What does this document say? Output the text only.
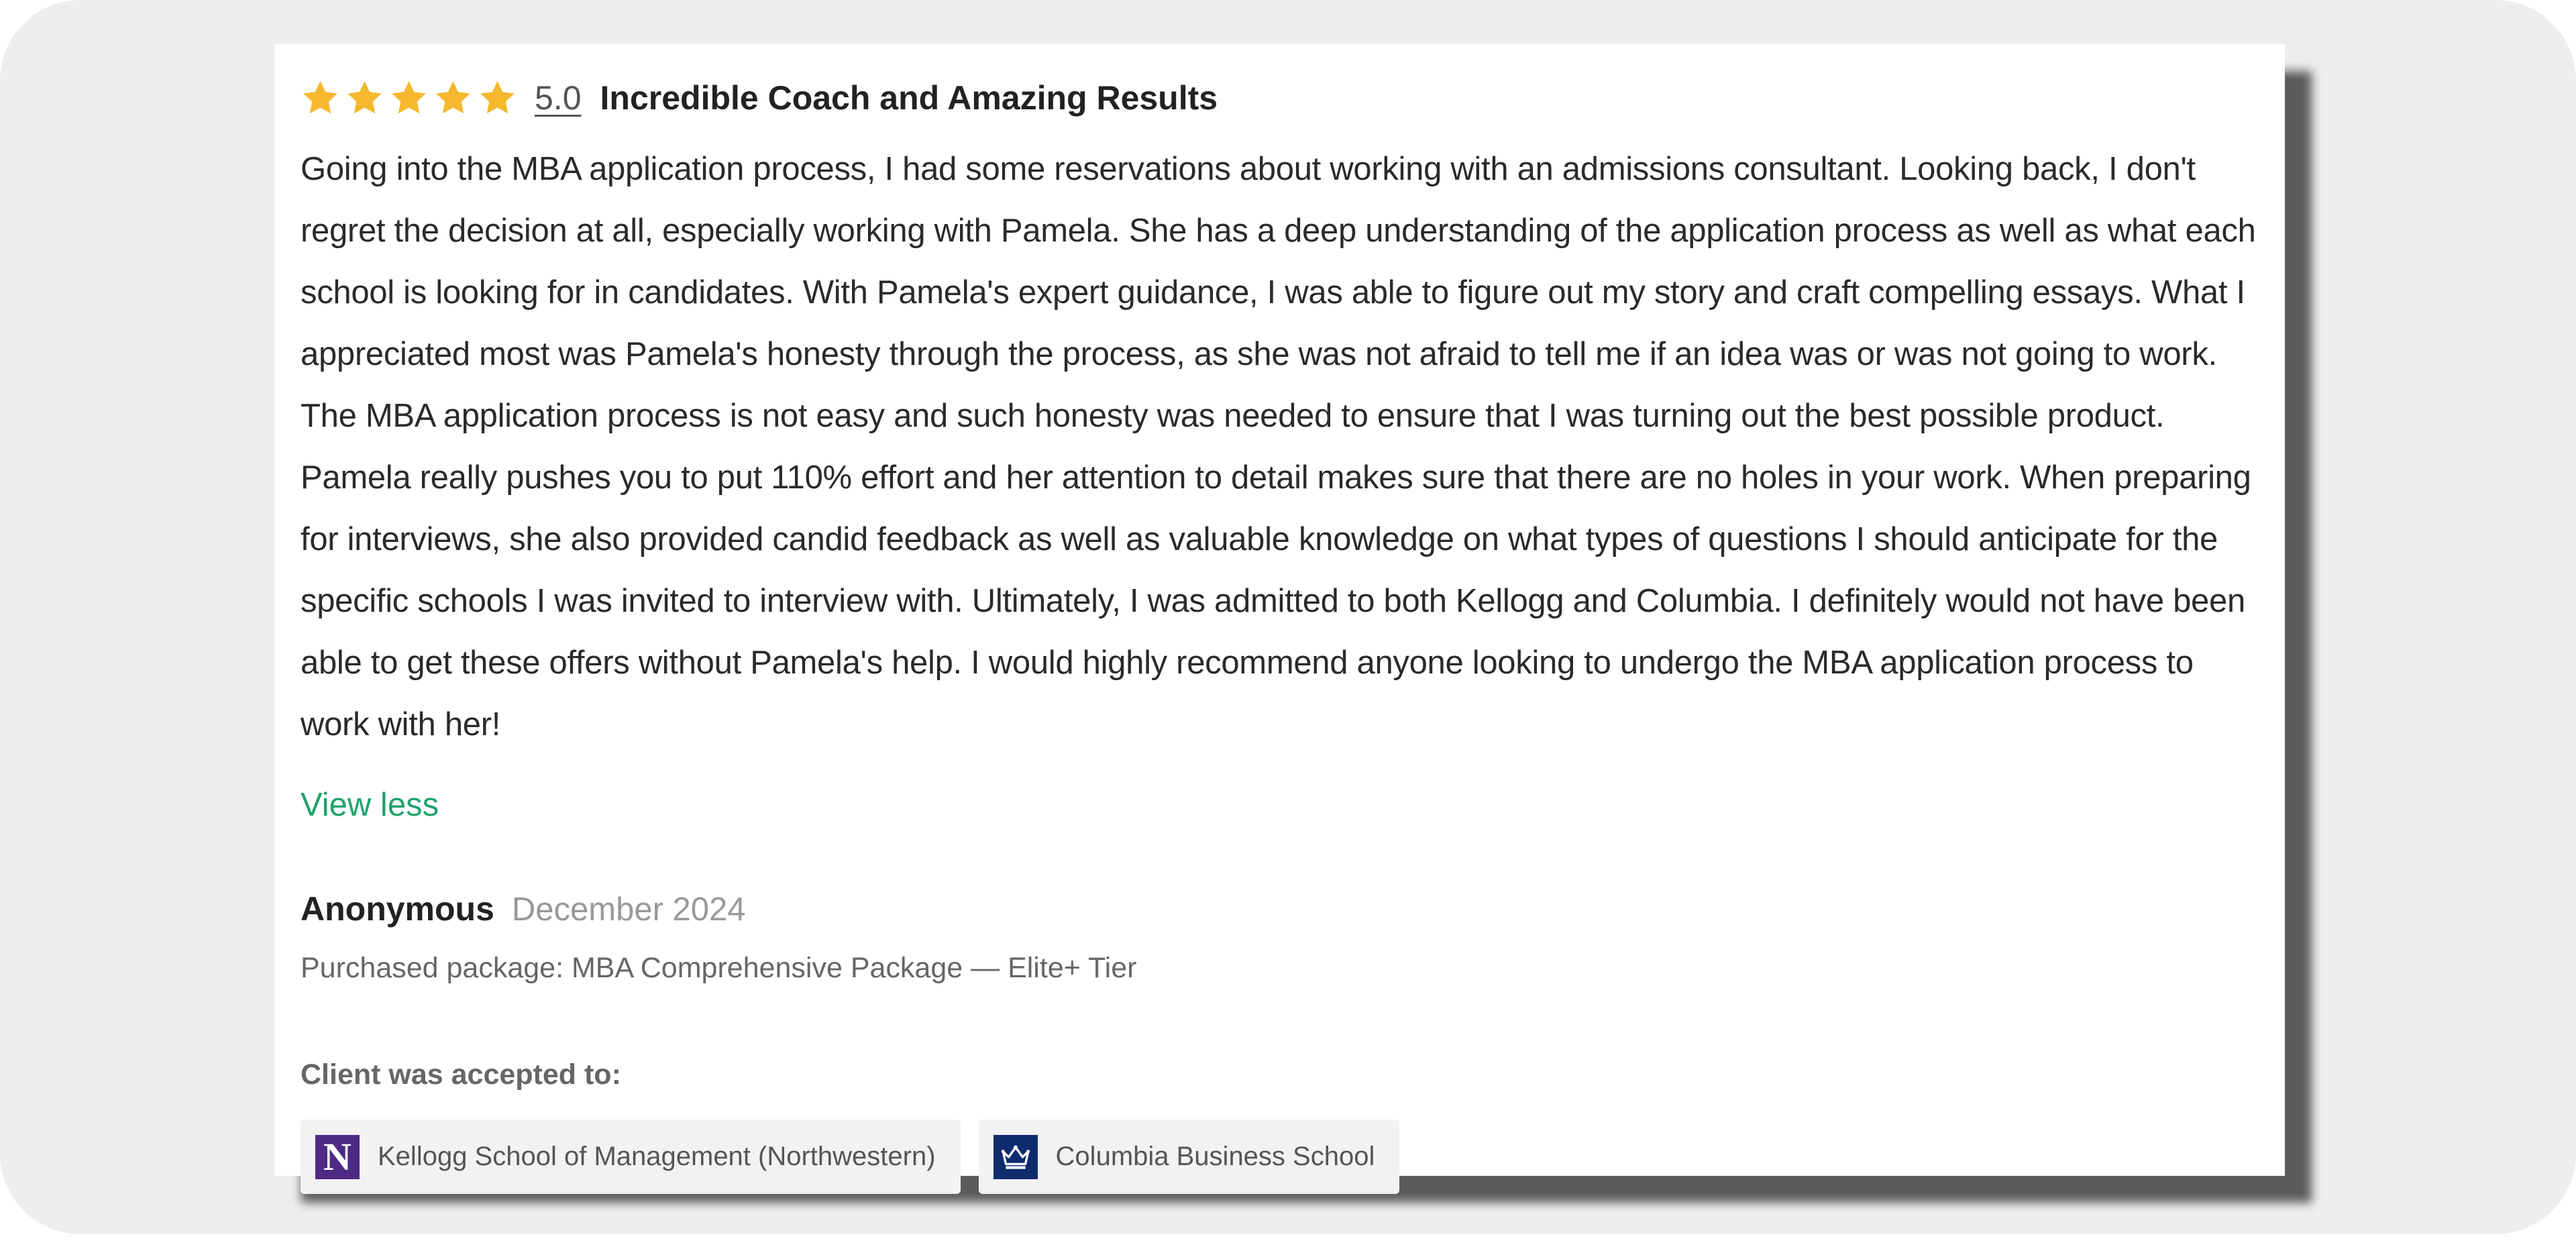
5.0 Incredible Coach and Amazing Results

Going into the MBA application process, I had some reservations about working with an admissions consultant. Looking back, I don't regret the decision at all, especially working with Pamela. She has a deep understanding of the application process as well as what each school is looking for in candidates. With Pamela's expert guidance, I was able to figure out my story and craft compelling essays. What I appreciated most was Pamela's honesty through the process, as she was not afraid to tell me if an idea was or was not going to work. The MBA application process is not easy and such honesty was needed to ensure that I was turning out the best possible product. Pamela really pushes you to put 110% effort and her attention to detail makes sure that there are no holes in your work. When preparing for interviews, she also provided candid feedback as well as valuable knowledge on what types of questions I should anticipate for the specific schools I was invited to interview with. Ultimately, I was admitted to both Kellogg and Columbia. I definitely would not have been able to get these offers without Pamela's help. I would highly recommend anyone looking to undergo the MBA application process to work with her!

View less
Anonymous December 2024
Purchased package: MBA Comprehensive Package — Elite+ Tier
Client was accepted to:
N Kellogg School of Management (Northwestern)	Columbia Business School
